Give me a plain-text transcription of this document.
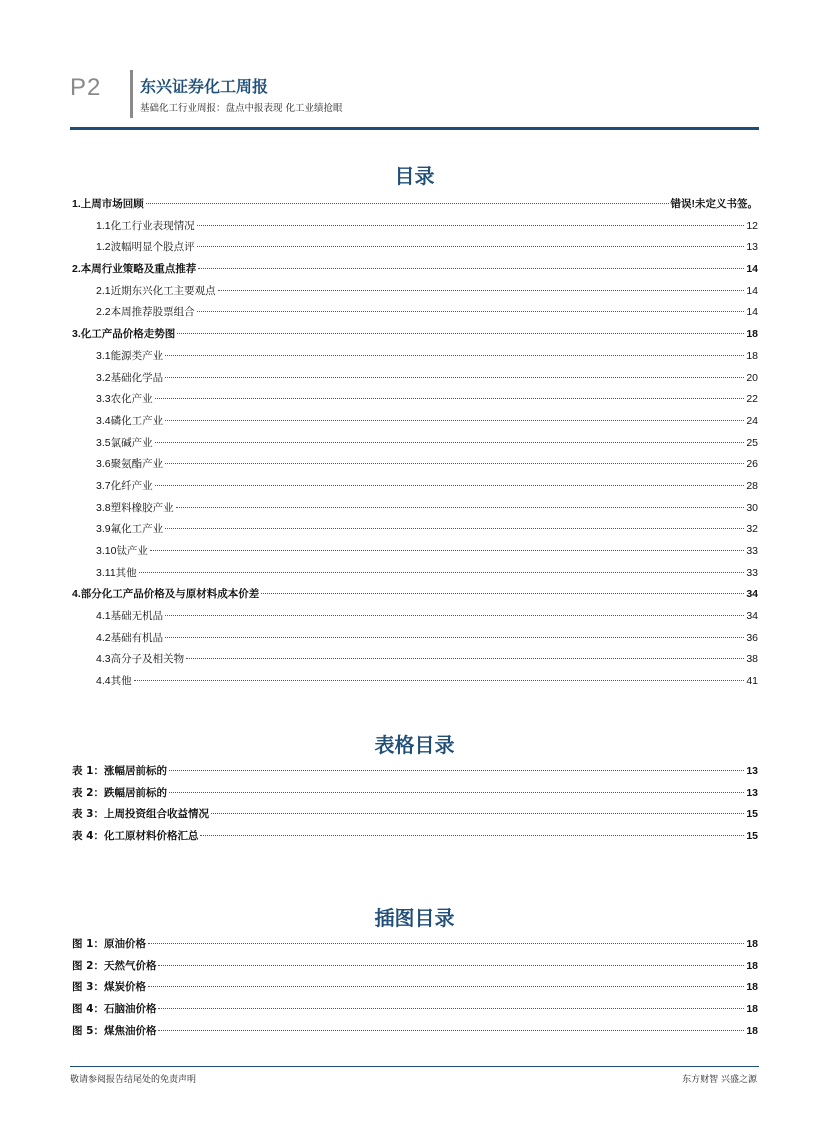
P2 东兴证券化工周报
基础化工行业周报：盘点中报表现 化工业绩抢眼
目录
1. 上周市场回顾	错误!未定义书签。
1.1 化工行业表现情况	12
1.2 波幅明显个股点评	13
2. 本周行业策略及重点推荐	14
2.1 近期东兴化工主要观点	14
2.2 本周推荐股票组合	14
3. 化工产品价格走势图	18
3.1 能源类产业	18
3.2 基础化学品	20
3.3 农化产业	22
3.4 磷化工产业	24
3.5 氯碱产业	25
3.6 聚氨酯产业	26
3.7 化纤产业	28
3.8 塑料橡胶产业	30
3.9 氟化工产业	32
3.10 钛产业	33
3.11 其他	33
4. 部分化工产品价格及与原材料成本价差	34
4.1 基础无机品	34
4.2 基础有机品	36
4.3 高分子及相关物	38
4.4 其他	41
表格目录
表 1：涨幅居前标的	13
表 2：跌幅居前标的	13
表 3：上周投资组合收益情况	15
表 4：化工原材料价格汇总	15
插图目录
图 1：原油价格	18
图 2：天然气价格	18
图 3：煤炭价格	18
图 4：石脑油价格	18
图 5：煤焦油价格	18
敬请参阅报告结尾处的免责声明	东方财智 兴盛之源
